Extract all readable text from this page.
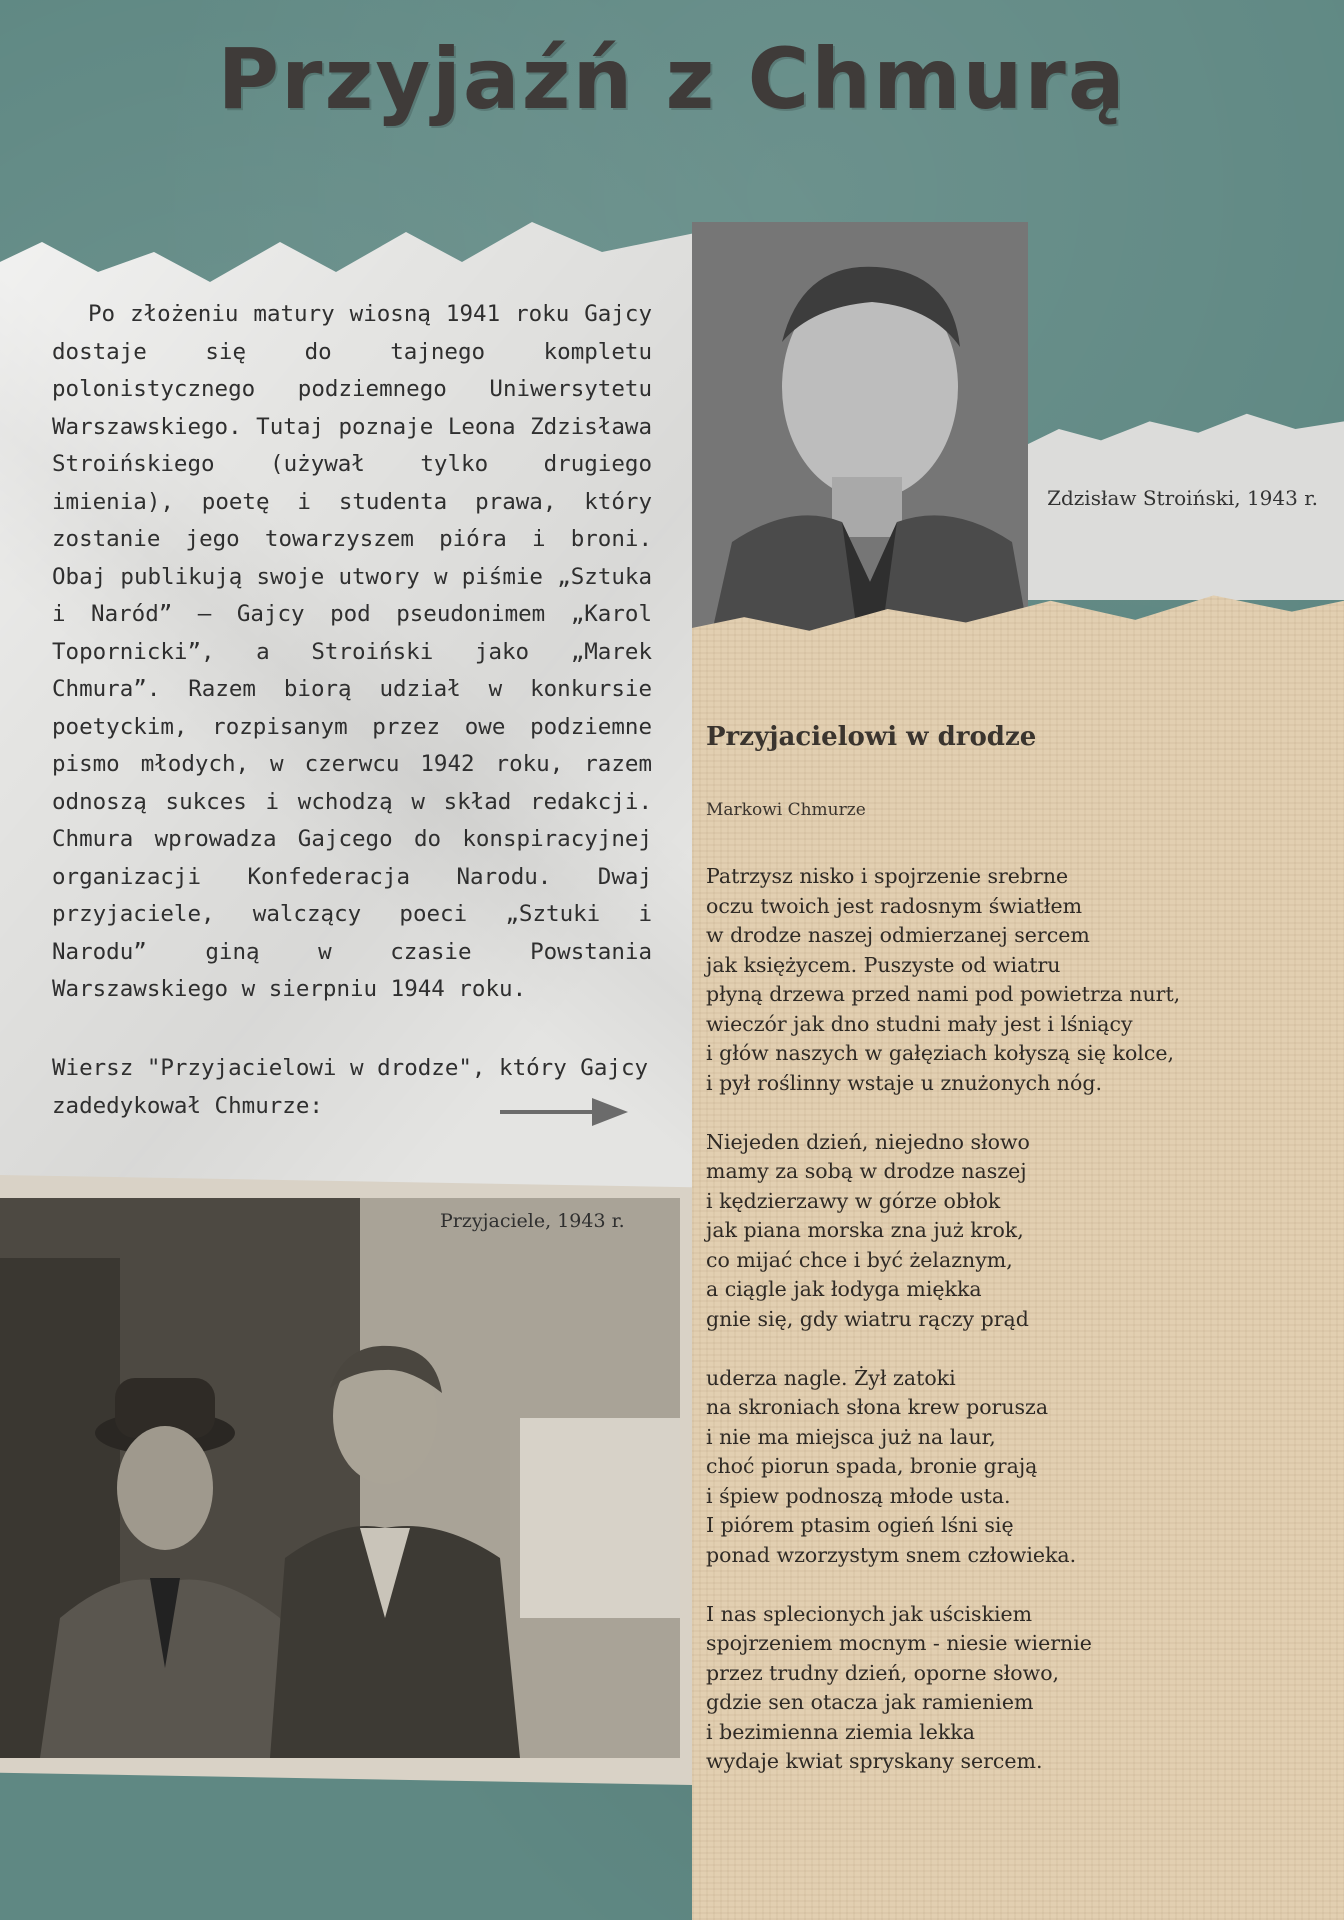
Przyjaźń z Chmurą

Po złożeniu matury wiosną 1941 roku Gajcy dostaje się do tajnego kompletu polonistycznego podziemnego Uniwersytetu Warszawskiego. Tutaj poznaje Leona Zdzisława Stroińskiego (używał tylko drugiego imienia), poetę i studenta prawa, który zostanie jego towarzyszem pióra i broni. Obaj publikują swoje utwory w piśmie „Sztuka i Naród” – Gajcy pod pseudonimem „Karol Topornicki”, a Stroiński jako „Marek Chmura”. Razem biorą udział w konkursie poetyckim, rozpisanym przez owe podziemne pismo młodych, w czerwcu 1942 roku, razem odnoszą sukces i wchodzą w skład redakcji. Chmura wprowadza Gajcego do konspiracyjnej organizacji Konfederacja Narodu. Dwaj przyjaciele, walczący poeci „Sztuki i Narodu” giną w czasie Powstania Warszawskiego w sierpniu 1944 roku.

Wiersz "Przyjacielowi w drodze", który Gajcy zadedykował Chmurze:

Zdzisław Stroiński, 1943 r.
Przyjacielowi w drodze
Markowi Chmurze
Patrzysz nisko i spojrzenie srebrne
oczu twoich jest radosnym światłem
w drodze naszej odmierzanej sercem
jak księżycem. Puszyste od wiatru
płyną drzewa przed nami pod powietrza nurt,
wieczór jak dno studni mały jest i lśniący
i głów naszych w gałęziach kołyszą się kolce,
i pył roślinny wstaje u znużonych nóg.
Niejeden dzień, niejedno słowo
mamy za sobą w drodze naszej
i kędzierzawy w górze obłok
jak piana morska zna już krok,
co mijać chce i być żelaznym,
a ciągle jak łodyga miękka
gnie się, gdy wiatru rączy prąd
uderza nagle. Żył zatoki
na skroniach słona krew porusza
i nie ma miejsca już na laur,
choć piorun spada, bronie grają
i śpiew podnoszą młode usta.
I piórem ptasim ogień lśni się
ponad wzorzystym snem człowieka.
I nas splecionych jak uściskiem
spojrzeniem mocnym - niesie wiernie
przez trudny dzień, oporne słowo,
gdzie sen otacza jak ramieniem
i bezimienna ziemia lekka
wydaje kwiat spryskany sercem.
Przyjaciele, 1943 r.
